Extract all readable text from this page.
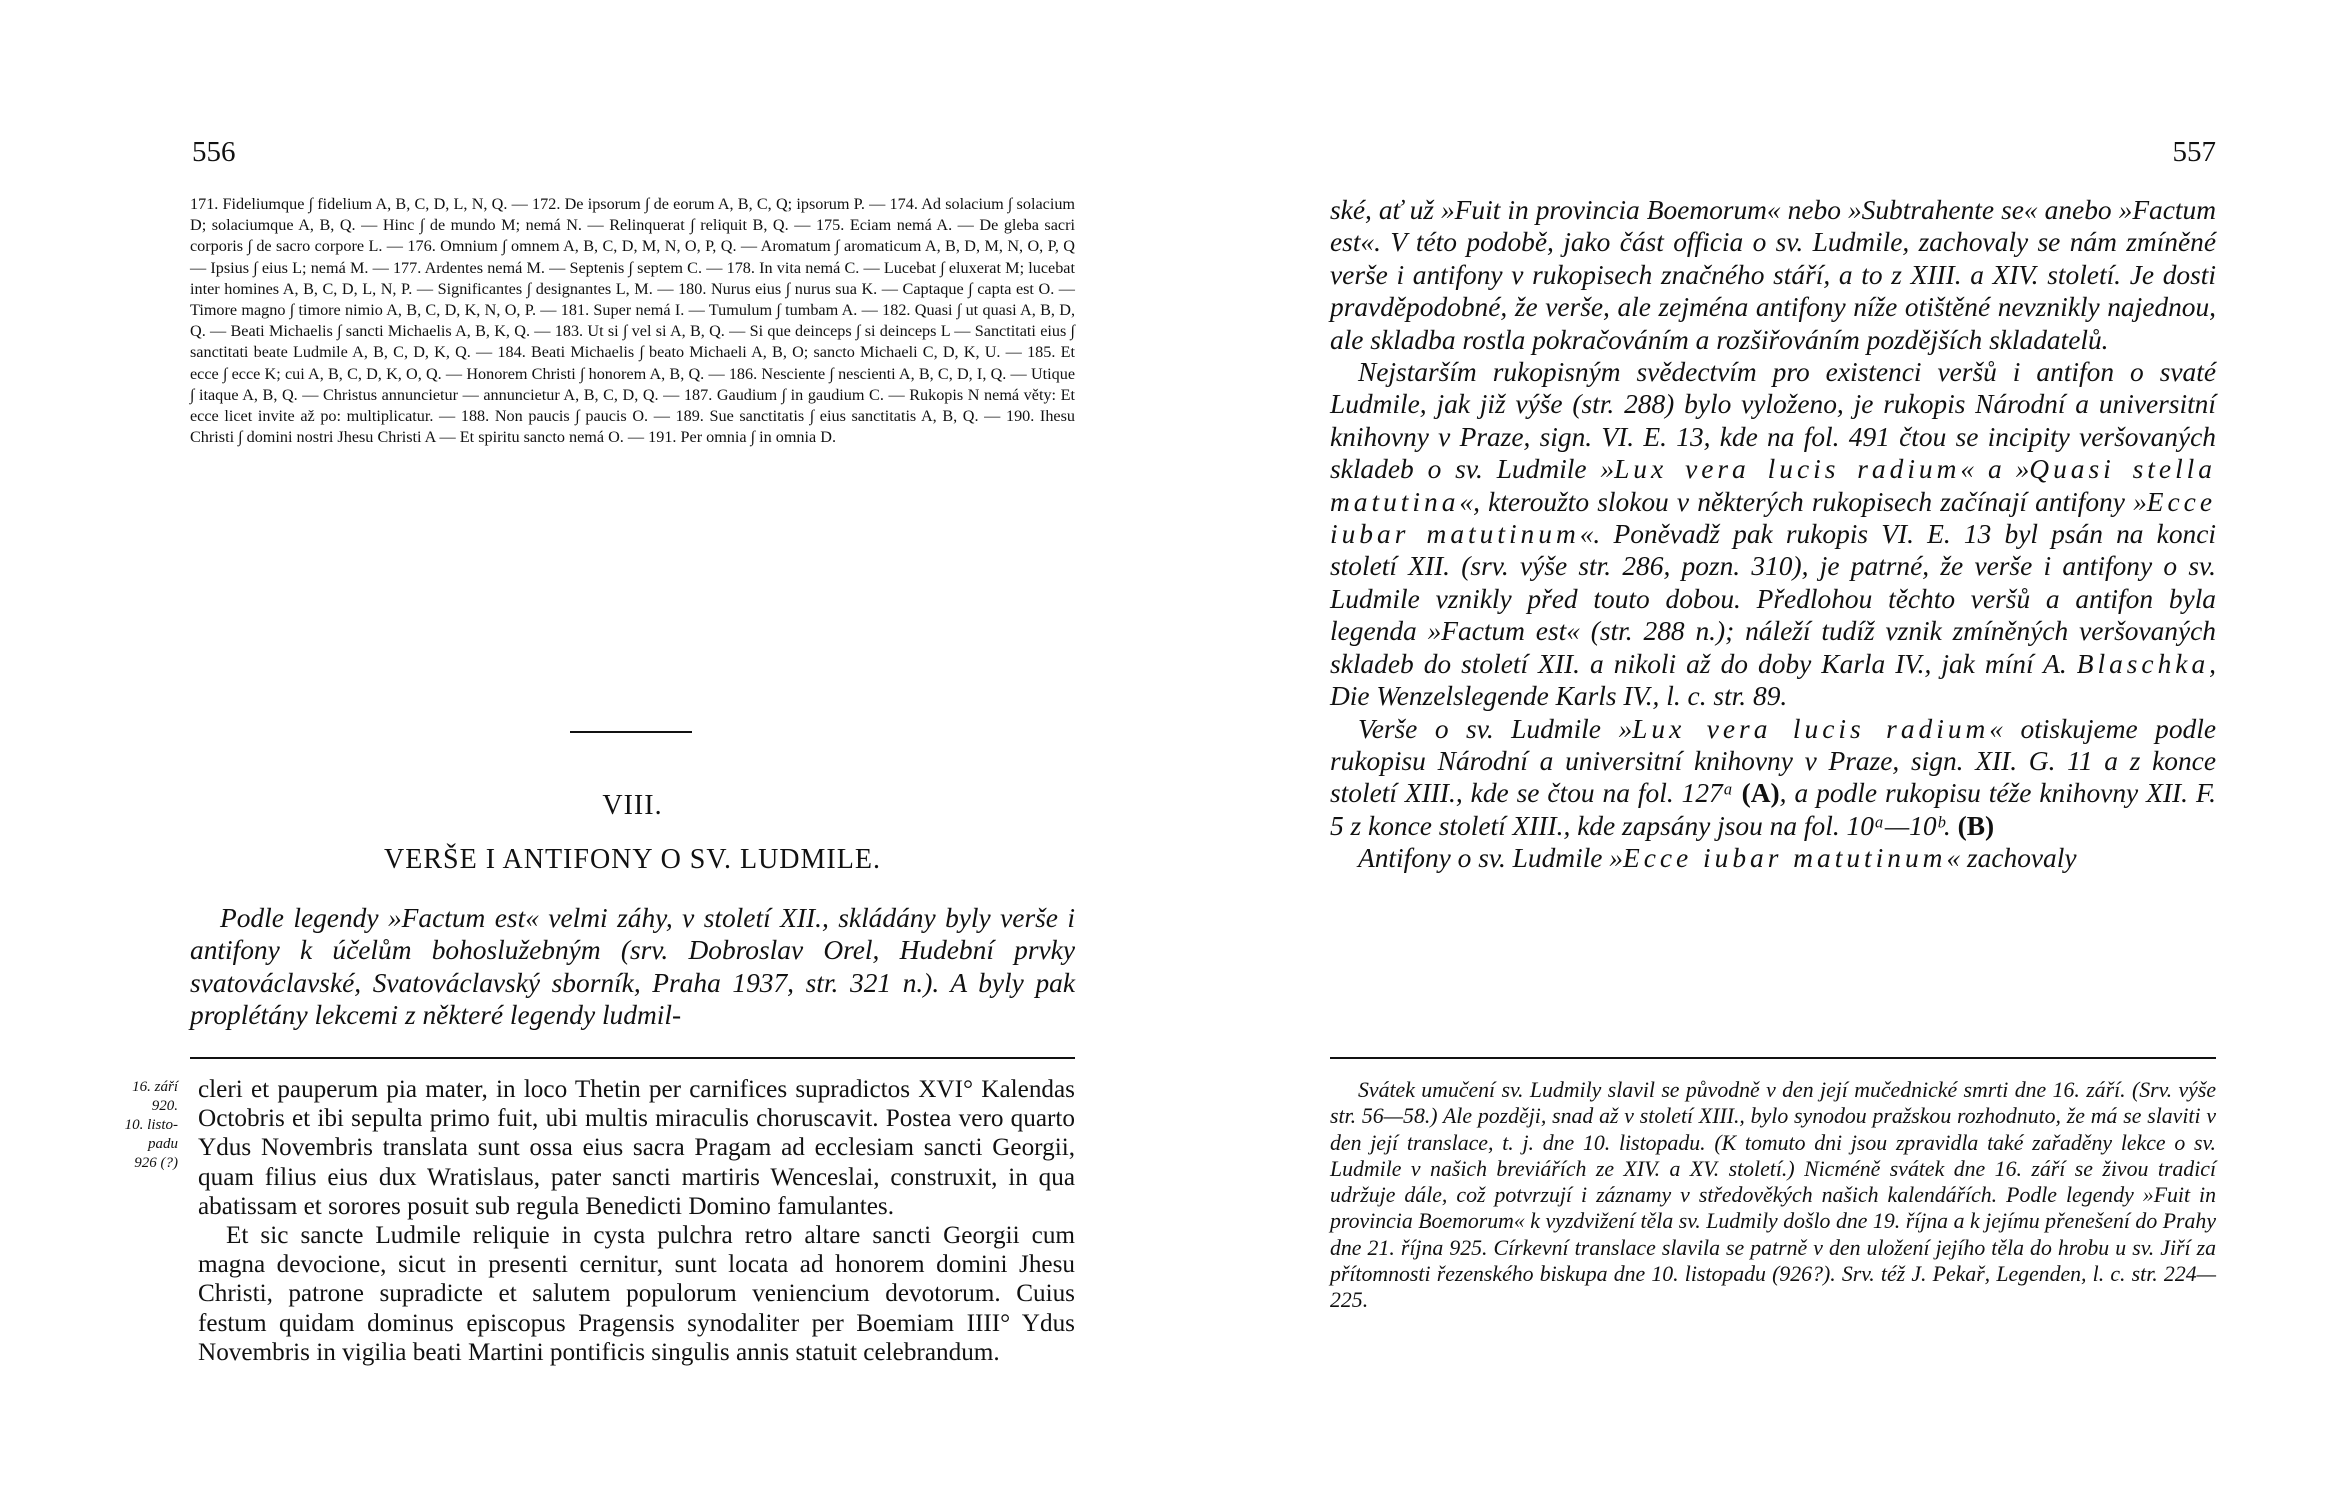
556
171. Fideliumque ∫ fidelium A, B, C, D, L, N, Q. — 172. De ipsorum ∫ de eorum A, B, C, Q; ipsorum P. — 174. Ad solacium ∫ solacium D; solaciumque A, B, Q. — Hinc ∫ de mundo M; nemá N. — Relinquerat ∫ reliquit B, Q. — 175. Eciam nemá A. — De gleba sacri corporis ∫ de sacro corpore L. — 176. Omnium ∫ omnem A, B, C, D, M, N, O, P, Q. — Aromatum ∫ aromaticum A, B, D, M, N, O, P, Q — Ipsius ∫ eius L; nemá M. — 177. Ardentes nemá M. — Septenis ∫ septem C. — 178. In vita nemá C. — Lucebat ∫ eluxerat M; lucebat inter homines A, B, C, D, L, N, P. — Significantes ∫ designantes L, M. — 180. Nurus eius ∫ nurus sua K. — Captaque ∫ capta est O. — Timore magno ∫ timore nimio A, B, C, D, K, N, O, P. — 181. Super nemá I. — Tumulum ∫ tumbam A. — 182. Quasi ∫ ut quasi A, B, D, Q. — Beati Michaelis ∫ sancti Michaelis A, B, K, Q. — 183. Ut si ∫ vel si A, B, Q. — Si que deinceps ∫ si deinceps L — Sanctitati eius ∫ sanctitati beate Ludmile A, B, C, D, K, Q. — 184. Beati Michaelis ∫ beato Michaeli A, B, O; sancto Michaeli C, D, K, U. — 185. Et ecce ∫ ecce K; cui A, B, C, D, K, O, Q. — Honorem Christi ∫ honorem A, B, Q. — 186. Nesciente ∫ nescienti A, B, C, D, I, Q. — Utique ∫ itaque A, B, Q. — Christus annuncietur — annuncietur A, B, C, D, Q. — 187. Gaudium ∫ in gaudium C. — Rukopis N nemá věty: Et ecce licet invite až po: multiplicatur. — 188. Non paucis ∫ paucis O. — 189. Sue sanctitatis ∫ eius sanctitatis A, B, Q. — 190. Ihesu Christi ∫ domini nostri Jhesu Christi A — Et spiritu sancto nemá O. — 191. Per omnia ∫ in omnia D.
VIII.
VERŠE I ANTIFONY O SV. LUDMILE.

Podle legendy »Factum est« velmi záhy, v století XII., skládány byly verše i antifony k účelům bohoslužebným (srv. Dobroslav Orel, Hudební prvky svatováclavské, Svatováclavský sborník, Praha 1937, str. 321 n.). A byly pak proplétány lekcemi z některé legendy ludmil-

16. září
920.
10. listo-
padu
926 (?)

cleri et pauperum pia mater, in loco Thetin per carnifices supradictos XVI° Kalendas Octobris et ibi sepulta primo fuit, ubi multis miraculis choruscavit. Postea vero quarto Ydus Novembris translata sunt ossa eius sacra Pragam ad ecclesiam sancti Georgii, quam filius eius dux Wratislaus, pater sancti martiris Wenceslai, construxit, in qua abatissam et sorores posuit sub regula Benedicti Domino famulantes.

Et sic sancte Ludmile reliquie in cysta pulchra retro altare sancti Georgii cum magna devocione, sicut in presenti cernitur, sunt locata ad honorem domini Jhesu Christi, patrone supradicte et salutem populorum veniencium devotorum. Cuius festum quidam dominus episcopus Pragensis synodaliter per Boemiam IIII° Ydus Novembris in vigilia beati Martini pontificis singulis annis statuit celebrandum.

557

ské, ať už »Fuit in provincia Boemorum« nebo »Subtrahente se« anebo »Factum est«. V této podobě, jako část officia o sv. Ludmile, zachovaly se nám zmíněné verše i antifony v rukopisech značného stáří, a to z XIII. a XIV. století. Je dosti pravděpodobné, že verše, ale zejména antifony níže otištěné nevznikly najednou, ale skladba rostla pokračováním a rozšiřováním pozdějších skladatelů.

Nejstarším rukopisným svědectvím pro existenci veršů i antifon o svaté Ludmile, jak již výše (str. 288) bylo vyloženo, je rukopis Národní a universitní knihovny v Praze, sign. VI. E. 13, kde na fol. 491 čtou se incipity veršovaných skladeb o sv. Ludmile »Lux vera lucis radium« a »Quasi stella matutina«, kteroužto slokou v některých rukopisech začínají antifony »Ecce iubar matutinum«. Poněvadž pak rukopis VI. E. 13 byl psán na konci století XII. (srv. výše str. 286, pozn. 310), je patrné, že verše i antifony o sv. Ludmile vznikly před touto dobou. Předlohou těchto veršů a antifon byla legenda »Factum est« (str. 288 n.); náleží tudíž vznik zmíněných veršovaných skladeb do století XII. a nikoli až do doby Karla IV., jak míní A. Blaschka, Die Wenzelslegende Karls IV., l. c. str. 89.

Verše o sv. Ludmile »Lux vera lucis radium« otiskujeme podle rukopisu Národní a universitní knihovny v Praze, sign. XII. G. 11 a z konce století XIII., kde se čtou na fol. 127ᵃ (A), a podle rukopisu téže knihovny XII. F. 5 z konce století XIII., kde zapsány jsou na fol. 10ᵃ—10ᵇ. (B)

Antifony o sv. Ludmile »Ecce iubar matutinum« zachovaly

Svátek umučení sv. Ludmily slavil se původně v den její mučednické smrti dne 16. září. (Srv. výše str. 56—58.) Ale později, snad až v století XIII., bylo synodou pražskou rozhodnuto, že má se slaviti v den její translace, t. j. dne 10. listopadu. (K tomuto dni jsou zpravidla také zařaděny lekce o sv. Ludmile v našich breviářích ze XIV. a XV. století.) Nicméně svátek dne 16. září se živou tradicí udržuje dále, což potvrzují i záznamy v středověkých našich kalendářích. Podle legendy »Fuit in provincia Boemorum« k vyzdvižení těla sv. Ludmily došlo dne 19. října a k jejímu přenešení do Prahy dne 21. října 925. Církevní translace slavila se patrně v den uložení jejího těla do hrobu u sv. Jiří za přítomnosti řezenského biskupa dne 10. listopadu (926?). Srv. též J. Pekař, Legenden, l. c. str. 224—225.
